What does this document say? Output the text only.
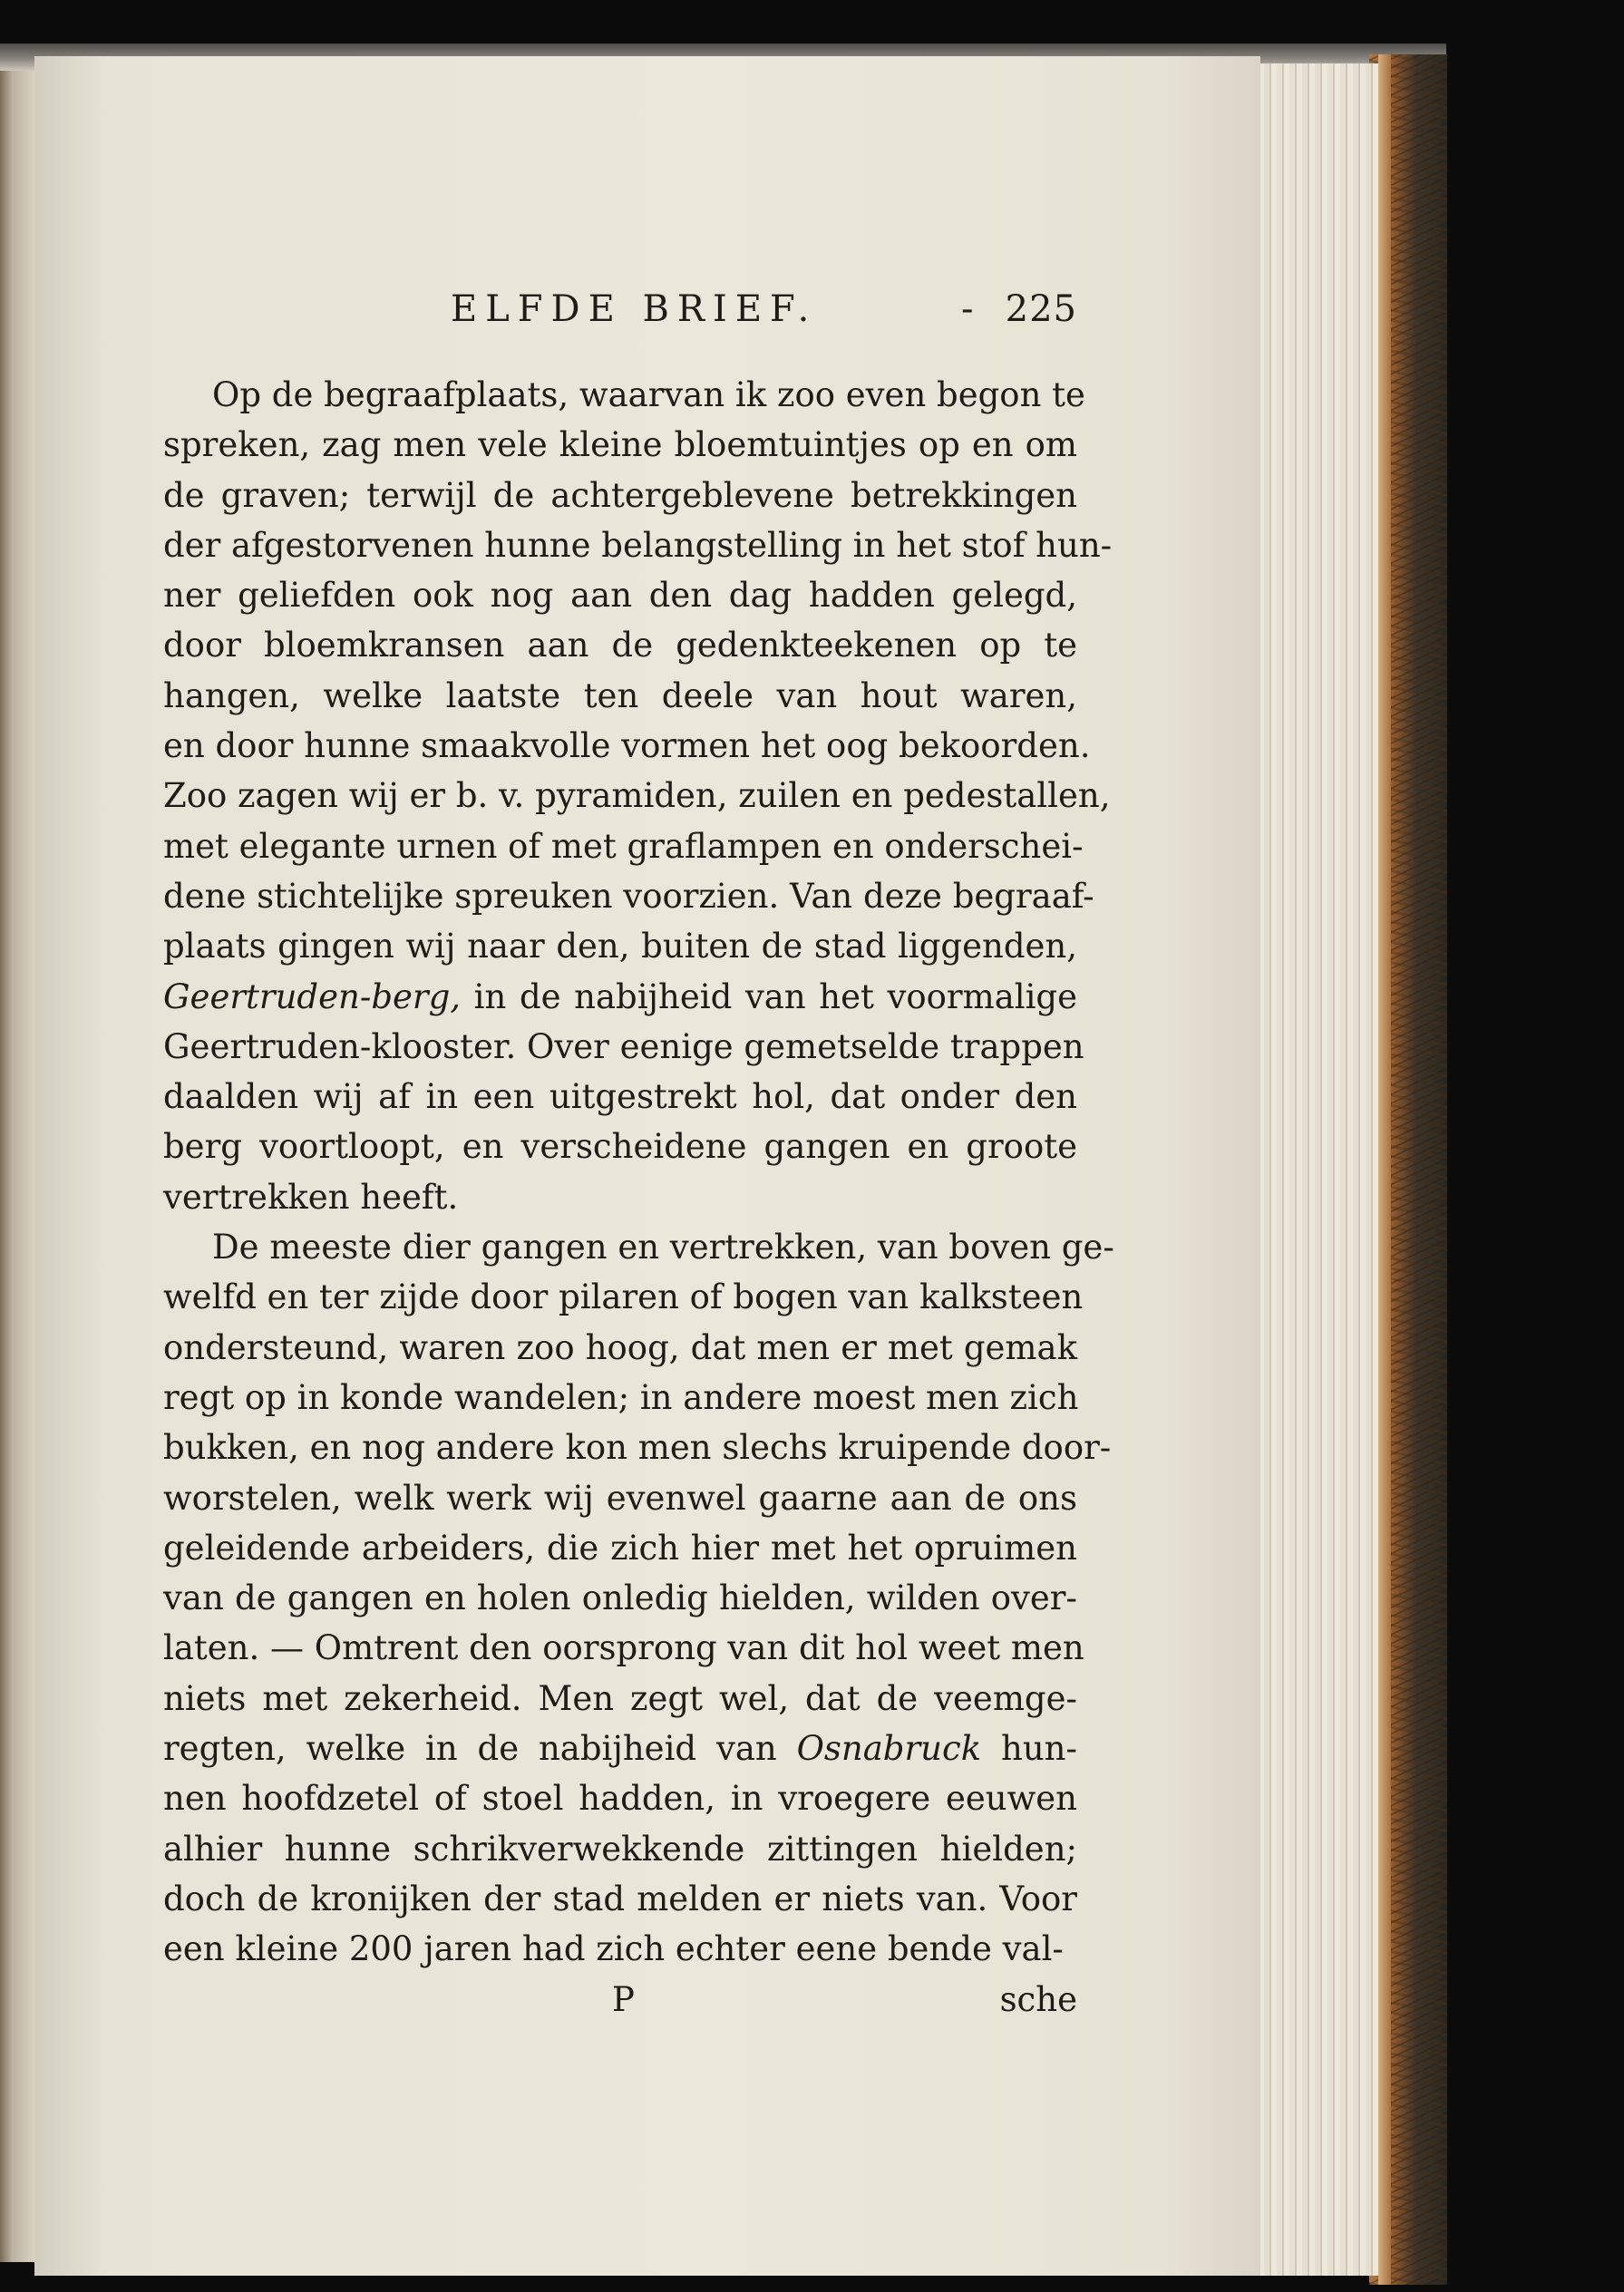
ELFDE BRIEF.	- 225
Op de begraafplaats, waarvan ik zoo even begon te
spreken, zag men vele kleine bloemtuintjes op en om
de graven; terwijl de achtergeblevene betrekkingen
der afgestorvenen hunne belangstelling in het stof hun-
ner geliefden ook nog aan den dag hadden gelegd,
door bloemkransen aan de gedenkteekenen op te
hangen, welke laatste ten deele van hout waren,
en door hunne smaakvolle vormen het oog bekoorden.
Zoo zagen wij er b. v. pyramiden, zuilen en pedestallen,
met elegante urnen of met graflampen en onderschei-
dene stichtelijke spreuken voorzien. Van deze begraaf-
plaats gingen wij naar den, buiten de stad liggenden,
Geertruden-berg, in de nabijheid van het voormalige
Geertruden-klooster. Over eenige gemetselde trappen
daalden wij af in een uitgestrekt hol, dat onder den
berg voortloopt, en verscheidene gangen en groote
vertrekken heeft.
De meeste dier gangen en vertrekken, van boven ge-
welfd en ter zijde door pilaren of bogen van kalksteen
ondersteund, waren zoo hoog, dat men er met gemak
regt op in konde wandelen; in andere moest men zich
bukken, en nog andere kon men slechs kruipende door-
worstelen, welk werk wij evenwel gaarne aan de ons
geleidende arbeiders, die zich hier met het opruimen
van de gangen en holen onledig hielden, wilden over-
laten. — Omtrent den oorsprong van dit hol weet men
niets met zekerheid. Men zegt wel, dat de veemge-
regten, welke in de nabijheid van Osnabruck hun-
nen hoofdzetel of stoel hadden, in vroegere eeuwen
alhier hunne schrikverwekkende zittingen hielden;
doch de kronijken der stad melden er niets van. Voor
een kleine 200 jaren had zich echter eene bende val-
P	sche
